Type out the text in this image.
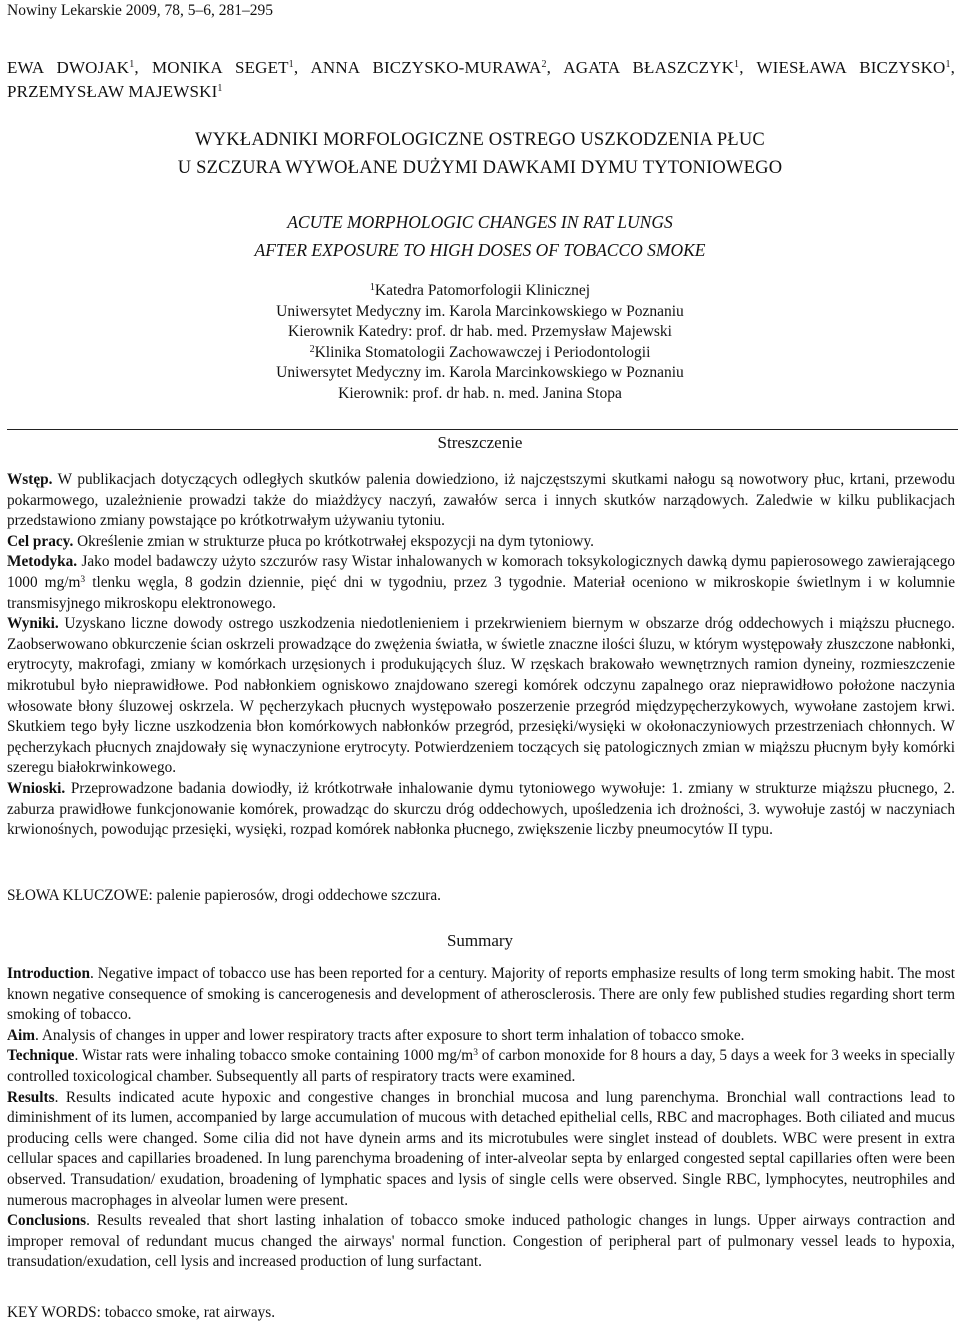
Nowiny Lekarskie 2009, 78, 5–6, 281–295
EWA DWOJAK$^1$, MONIKA SEGET$^1$, ANNA BICZYSKO-MURAWA$^2$, AGATA BŁASZCZYK$^1$, WIESŁAWA BICZYSKO$^1$, PRZEMYSŁAW MAJEWSKI$^1$
WYKŁADNIKI MORFOLOGICZNE OSTREGO USZKODZENIA PŁUC
U SZCZURA WYWOŁANE DUŻYMI DAWKAMI DYMU TYTONIOWEGO
ACUTE MORPHOLOGIC CHANGES IN RAT LUNGS
AFTER EXPOSURE TO HIGH DOSES OF TOBACCO SMOKE
$^1$Katedra Patomorfologii Klinicznej
Uniwersytet Medyczny im. Karola Marcinkowskiego w Poznaniu
Kierownik Katedry: prof. dr hab. med. Przemysław Majewski
$^2$Klinika Stomatologii Zachowawczej i Periodontologii
Uniwersytet Medyczny im. Karola Marcinkowskiego w Poznaniu
Kierownik: prof. dr hab. n. med. Janina Stopa
Streszczenie

Wstęp. W publikacjach dotyczących odległych skutków palenia dowiedziono, iż najczęstszymi skutkami nałogu są nowotwory płuc, krtani, przewodu pokarmowego, uzależnienie prowadzi także do miażdżycy naczyń, zawałów serca i innych skutków narządowych. Zaledwie w kilku publikacjach przedstawiono zmiany powstające po krótkotrwałym używaniu tytoniu.

Cel pracy. Określenie zmian w strukturze płuca po krótkotrwałej ekspozycji na dym tytoniowy.

Metodyka. Jako model badawczy użyto szczurów rasy Wistar inhalowanych w komorach toksykologicznych dawką dymu papierosowego zawierającego 1000 $mg/m^3$ tlenku węgla, 8 godzin dziennie, pięć dni w tygodniu, przez 3 tygodnie. Materiał oceniono w mikroskopie świetlnym i w kolumnie transmisyjnego mikroskopu elektronowego.

Wyniki. Uzyskano liczne dowody ostrego uszkodzenia niedotlenieniem i przekrwieniem biernym w obszarze dróg oddechowych i miąższu płucnego. Zaobserwowano obkurczenie ścian oskrzeli prowadzące do zwężenia światła, w świetle znaczne ilości śluzu, w którym występowały złuszczone nabłonki, erytrocyty, makrofagi, zmiany w komórkach urzęsionych i produkujących śluz. W rzęskach brakowało wewnętrznych ramion dyneiny, rozmieszczenie mikrotubul było nieprawidłowe. Pod nabłonkiem ogniskowo znajdowano szeregi komórek odczynu zapalnego oraz nieprawidłowo położone naczynia włosowate błony śluzowej oskrzela. W pęcherzykach płucnych występowało poszerzenie przegród międzypęcherzykowych, wywołane zastojem krwi. Skutkiem tego były liczne uszkodzenia błon komórkowych nabłonków przegród, przesięki/wysięki w okołonaczyniowych przestrzeniach chłonnych. W pęcherzykach płucnych znajdowały się wynaczynione erytrocyty. Potwierdzeniem toczących się patologicznych zmian w miąższu płucnym były komórki szeregu białokrwinkowego.

Wnioski. Przeprowadzone badania dowiodły, iż krótkotrwałe inhalowanie dymu tytoniowego wywołuje: 1. zmiany w strukturze miąższu płucnego, 2. zaburza prawidłowe funkcjonowanie komórek, prowadząc do skurczu dróg oddechowych, upośledzenia ich drożności, 3. wywołuje zastój w naczyniach krwionośnych, powodując przesięki, wysięki, rozpad komórek nabłonka płucnego, zwiększenie liczby pneumocytów II typu.

SŁOWA KLUCZOWE: palenie papierosów, drogi oddechowe szczura.
Summary

Introduction. Negative impact of tobacco use has been reported for a century. Majority of reports emphasize results of long term smoking habit. The most known negative consequence of smoking is cancerogenesis and development of atherosclerosis. There are only few published studies regarding short term smoking of tobacco.

Aim. Analysis of changes in upper and lower respiratory tracts after exposure to short term inhalation of tobacco smoke.

Technique. Wistar rats were inhaling tobacco smoke containing 1000 $mg/m^3$ of carbon monoxide for 8 hours a day, 5 days a week for 3 weeks in specially controlled toxicological chamber. Subsequently all parts of respiratory tracts were examined.

Results. Results indicated acute hypoxic and congestive changes in bronchial mucosa and lung parenchyma. Bronchial wall contractions lead to diminishment of its lumen, accompanied by large accumulation of mucous with detached epithelial cells, RBC and macrophages. Both ciliated and mucus producing cells were changed. Some cilia did not have dynein arms and its microtubules were singlet instead of doublets. WBC were present in extra cellular spaces and capillaries broadened. In lung parenchyma broadening of inter-alveolar septa by enlarged congested septal capillaries often were been observed. Transudation/ exudation, broadening of lymphatic spaces and lysis of single cells were observed. Single RBC, lymphocytes, neutrophiles and numerous macrophages in alveolar lumen were present.

Conclusions. Results revealed that short lasting inhalation of tobacco smoke induced pathologic changes in lungs. Upper airways contraction and improper removal of redundant mucus changed the airways' normal function. Congestion of peripheral part of pulmonary vessel leads to hypoxia, transudation/exudation, cell lysis and increased production of lung surfactant.

KEY WORDS: tobacco smoke, rat airways.
